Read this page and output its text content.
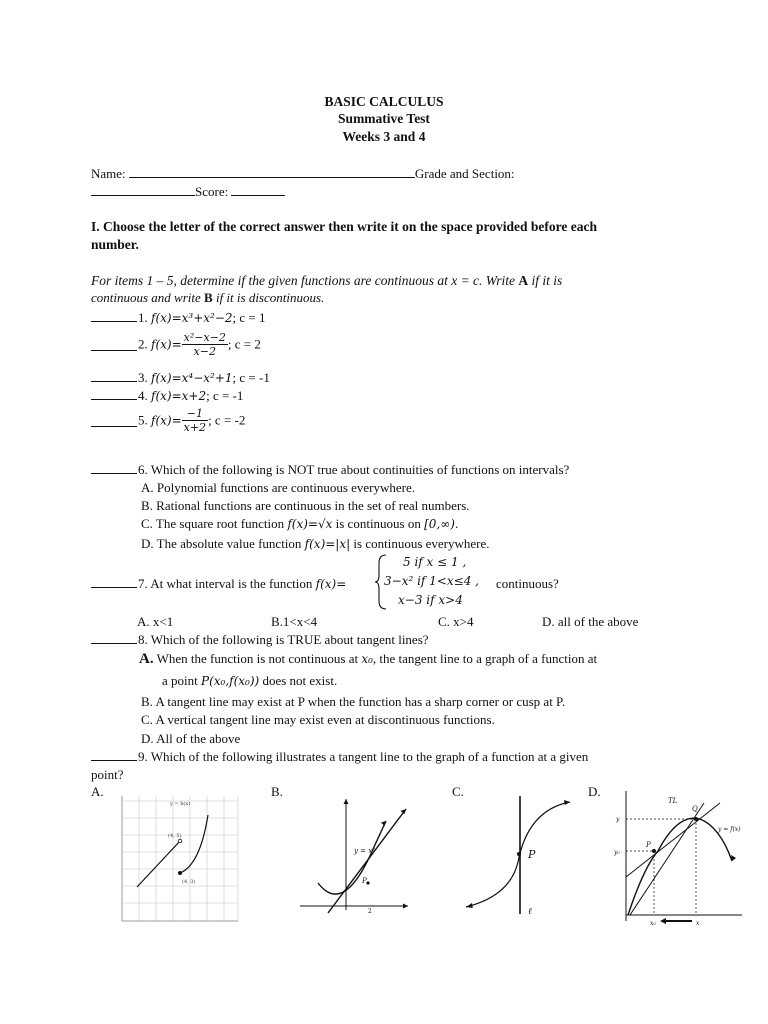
BASIC CALCULUS
Summative Test
Weeks 3 and 4
Name:	Grade and Section:
Score:
I. Choose the letter of the correct answer then write it on the space provided before each
number.
For items 1 – 5, determine if the given functions are continuous at x = c. Write A if it is
continuous and write B if it is discontinuous.
1. f(x)=x³+x²−2; c = 1
2. $f(x)= \frac{\text{x²−x−2}}{x-2}$ ; c = 2
3. f(x)=x⁴−x²+1; c = -1
4. f(x)=x+2; c = -1
5. $f(x)= \frac{-1}{x+2}$ ; c = -2
6. Which of the following is NOT true about continuities of functions on intervals?
A. Polynomial functions are continuous everywhere.
B. Rational functions are continuous in the set of real numbers.
C. The square root function f(x)=√x is continuous on [0,∞).
D. The absolute value function f(x)=|x| is continuous everywhere.
7. At what interval is the function f(x)=
5 if x ≤ 1 ,
3−x² if 1<x≤4 ,
x−3 if x>4
continuous?
A. x<1	B.1<x<4	C. x>4	D. all of the above
8. Which of the following is TRUE about tangent lines?
A. When the function is not continuous at x₀, the tangent line to a graph of a function at
a point P(x₀,f(x₀)) does not exist.
B. A tangent line may exist at P when the function has a sharp corner or cusp at P.
C. A vertical tangent line may exist even at discontinuous functions.
D. All of the above
9. Which of the following illustrates a tangent line to the graph of a function at a given
point?
A.	B.	C.	D.
y = h(x)
(4, 5)
(4, 3)
y = x²
P
2
P
ℓ
TL
Q
P
y = f(x)
y
y₀
x₀	x
